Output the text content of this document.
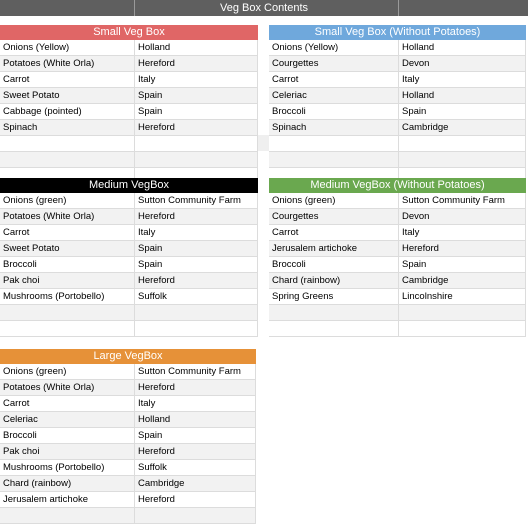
Veg Box Contents
Small Veg Box
Onions (Yellow)	Holland
Potatoes (White Orla)	Hereford
Carrot	Italy
Sweet Potato	Spain
Cabbage (pointed)	Spain
Spinach	Hereford
Small Veg Box (Without Potatoes)
Onions (Yellow)	Holland
Courgettes	Devon
Carrot	Italy
Celeriac	Holland
Broccoli	Spain
Spinach	Cambridge
Medium VegBox
Onions (green)	Sutton Community Farm
Potatoes (White Orla)	Hereford
Carrot	Italy
Sweet Potato	Spain
Broccoli	Spain
Pak choi	Hereford
Mushrooms (Portobello)	Suffolk
Medium VegBox (Without Potatoes)
Onions (green)	Sutton Community Farm
Courgettes	Devon
Carrot	Italy
Jerusalem artichoke	Hereford
Broccoli	Spain
Chard (rainbow)	Cambridge
Spring Greens	Lincolnshire
Large VegBox
Onions (green)	Sutton Community Farm
Potatoes (White Orla)	Hereford
Carrot	Italy
Celeriac	Holland
Broccoli	Spain
Pak choi	Hereford
Mushrooms (Portobello)	Suffolk
Chard (rainbow)	Cambridge
Jerusalem artichoke	Hereford
